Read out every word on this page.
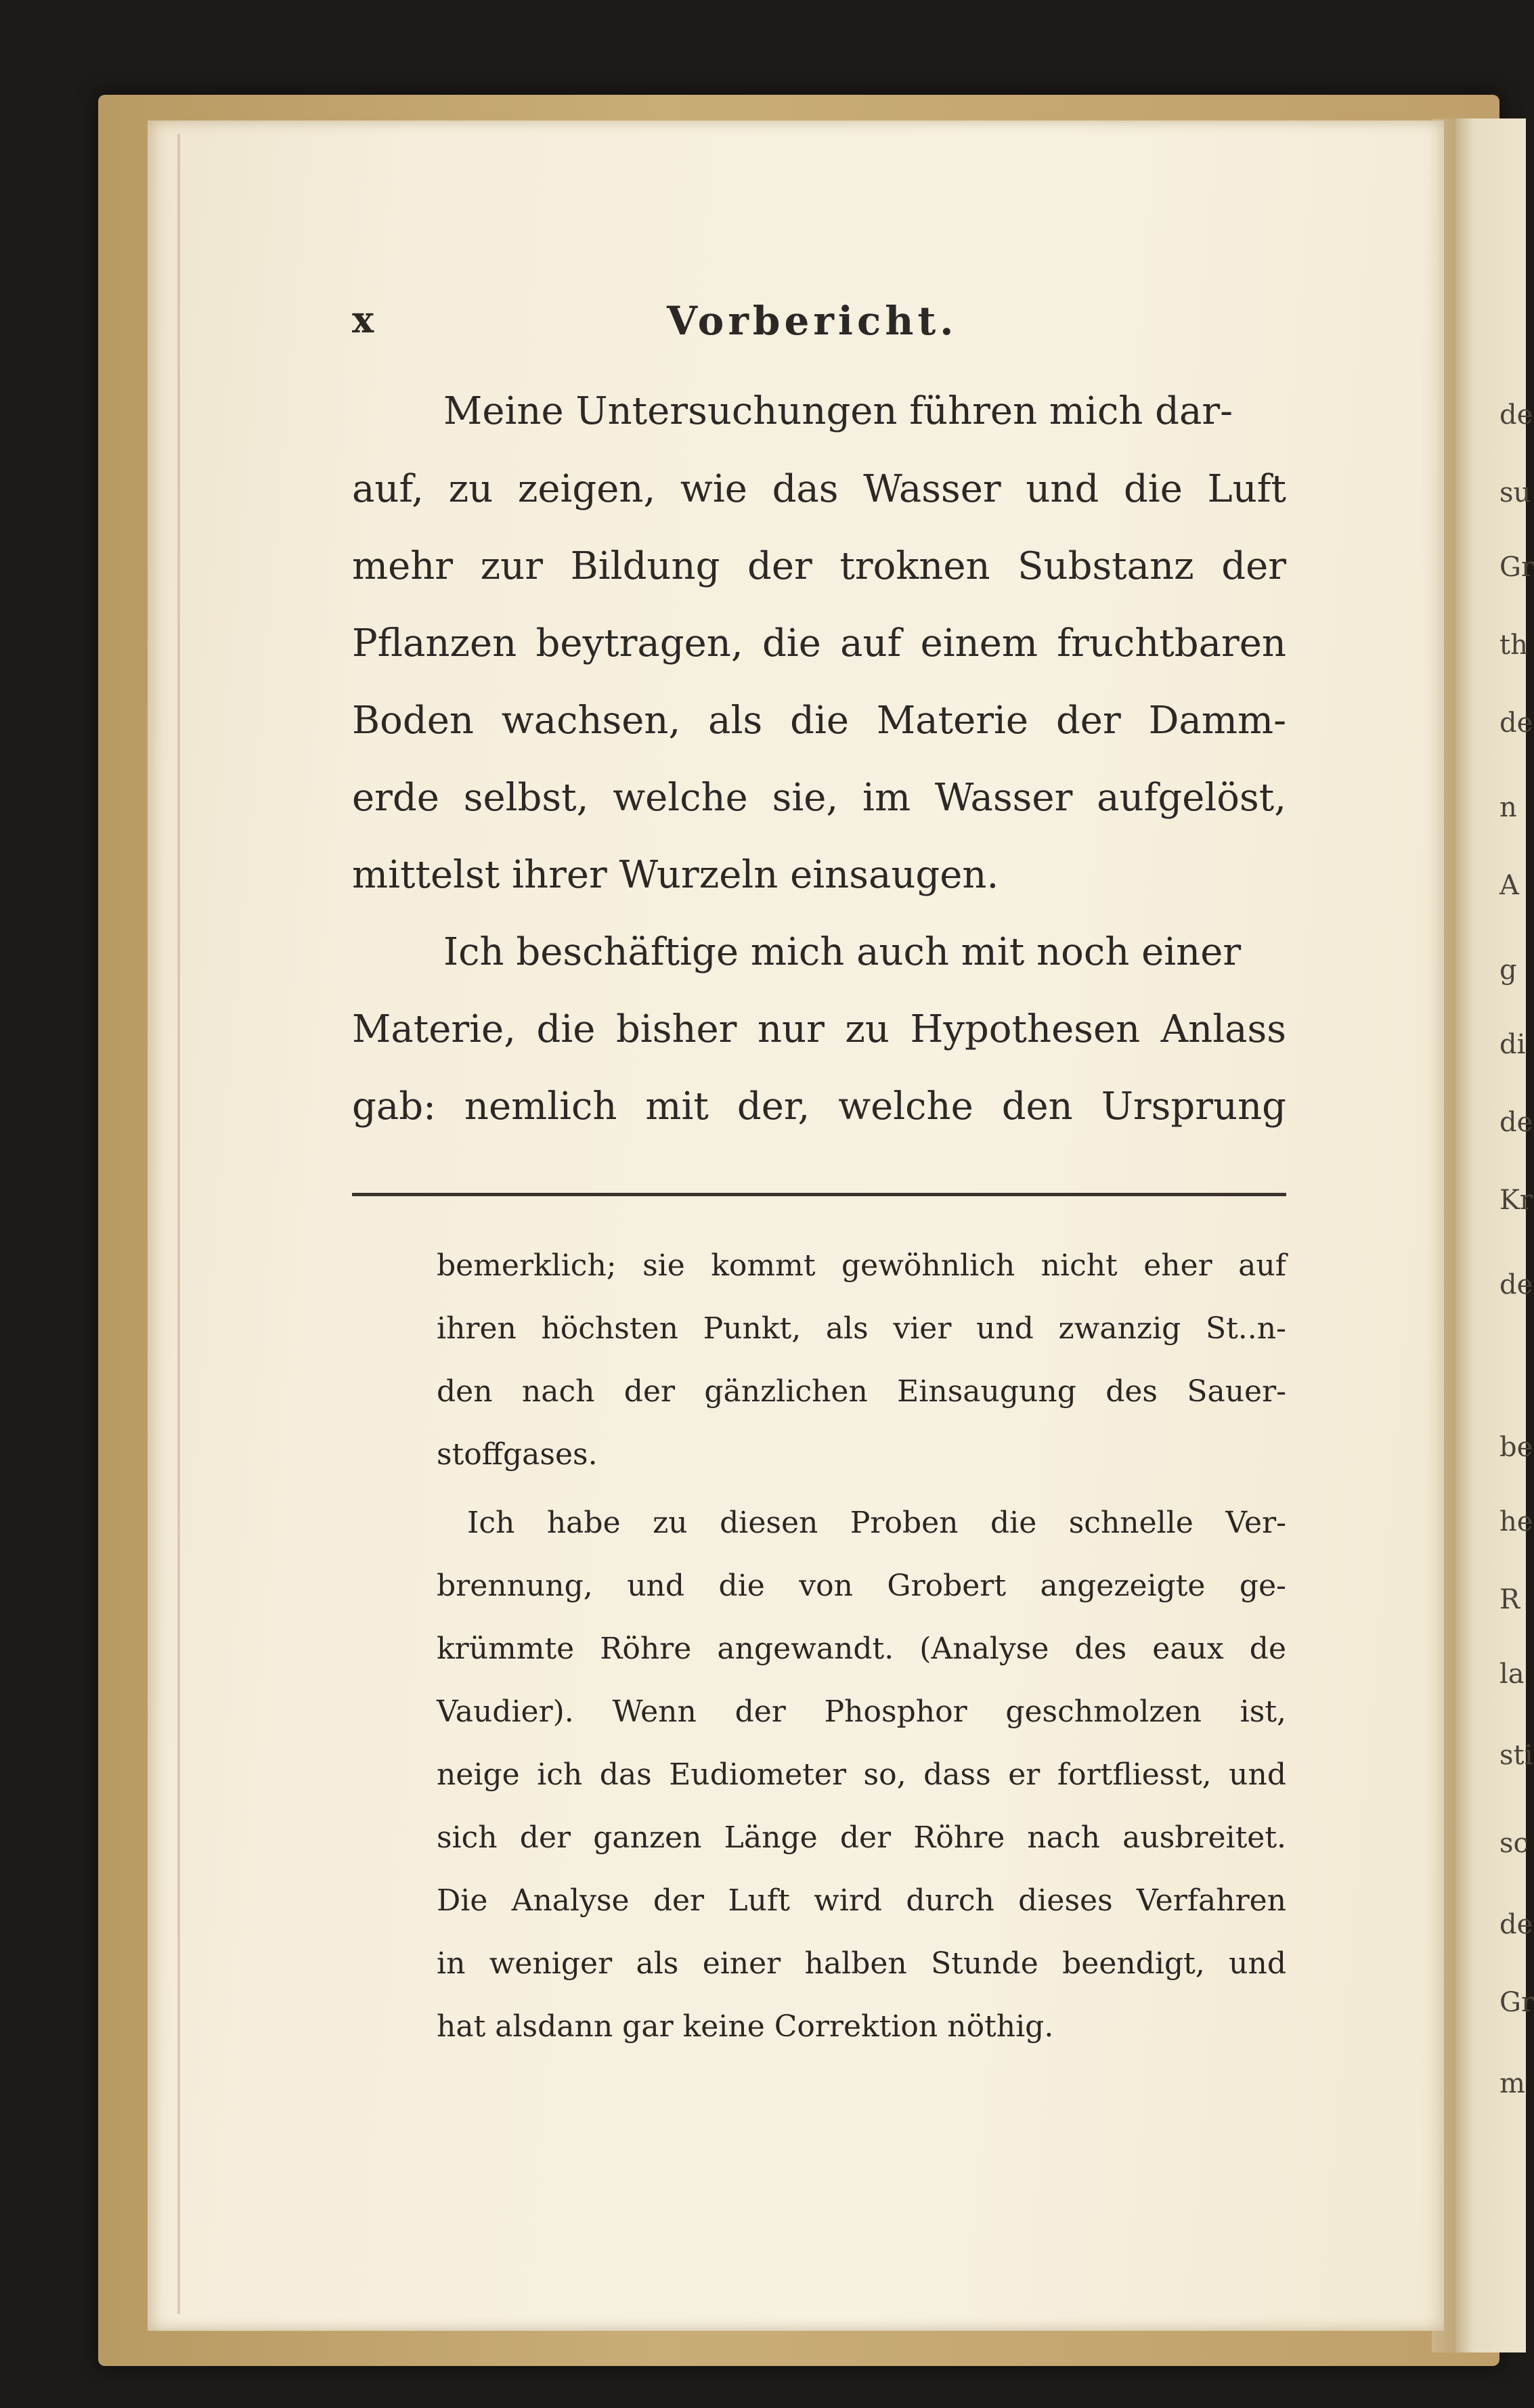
x	Vorbericht.
Meine Untersuchungen führen mich dar-
auf, zu zeigen, wie das Wasser und die Luft
mehr zur Bildung der troknen Substanz der
Pflanzen beytragen, die auf einem fruchtbaren
Boden wachsen, als die Materie der Damm-
erde selbst, welche sie, im Wasser aufgelöst,
mittelst ihrer Wurzeln einsaugen.
Ich beschäftige mich auch mit noch einer
Materie, die bisher nur zu Hypothesen Anlass
gab: nemlich mit der, welche den Ursprung
bemerklich; sie kommt gewöhnlich nicht eher auf
ihren höchsten Punkt, als vier und zwanzig St..n-
den nach der gänzlichen Einsaugung des Sauer-
stoffgases.
Ich habe zu diesen Proben die schnelle Ver-
brennung, und die von Grobert angezeigte ge-
krümmte Röhre angewandt. (Analyse des eaux de
Vaudier). Wenn der Phosphor geschmolzen ist,
neige ich das Eudiometer so, dass er fortfliesst, und
sich der ganzen Länge der Röhre nach ausbreitet.
Die Analyse der Luft wird durch dieses Verfahren
in weniger als einer halben Stunde beendigt, und
hat alsdann gar keine Correktion nöthig.
de
su
Gr
th
de
n
A
g
di
de
Kr
de
be
he
R
la
sti
sc
de
Gr
m
